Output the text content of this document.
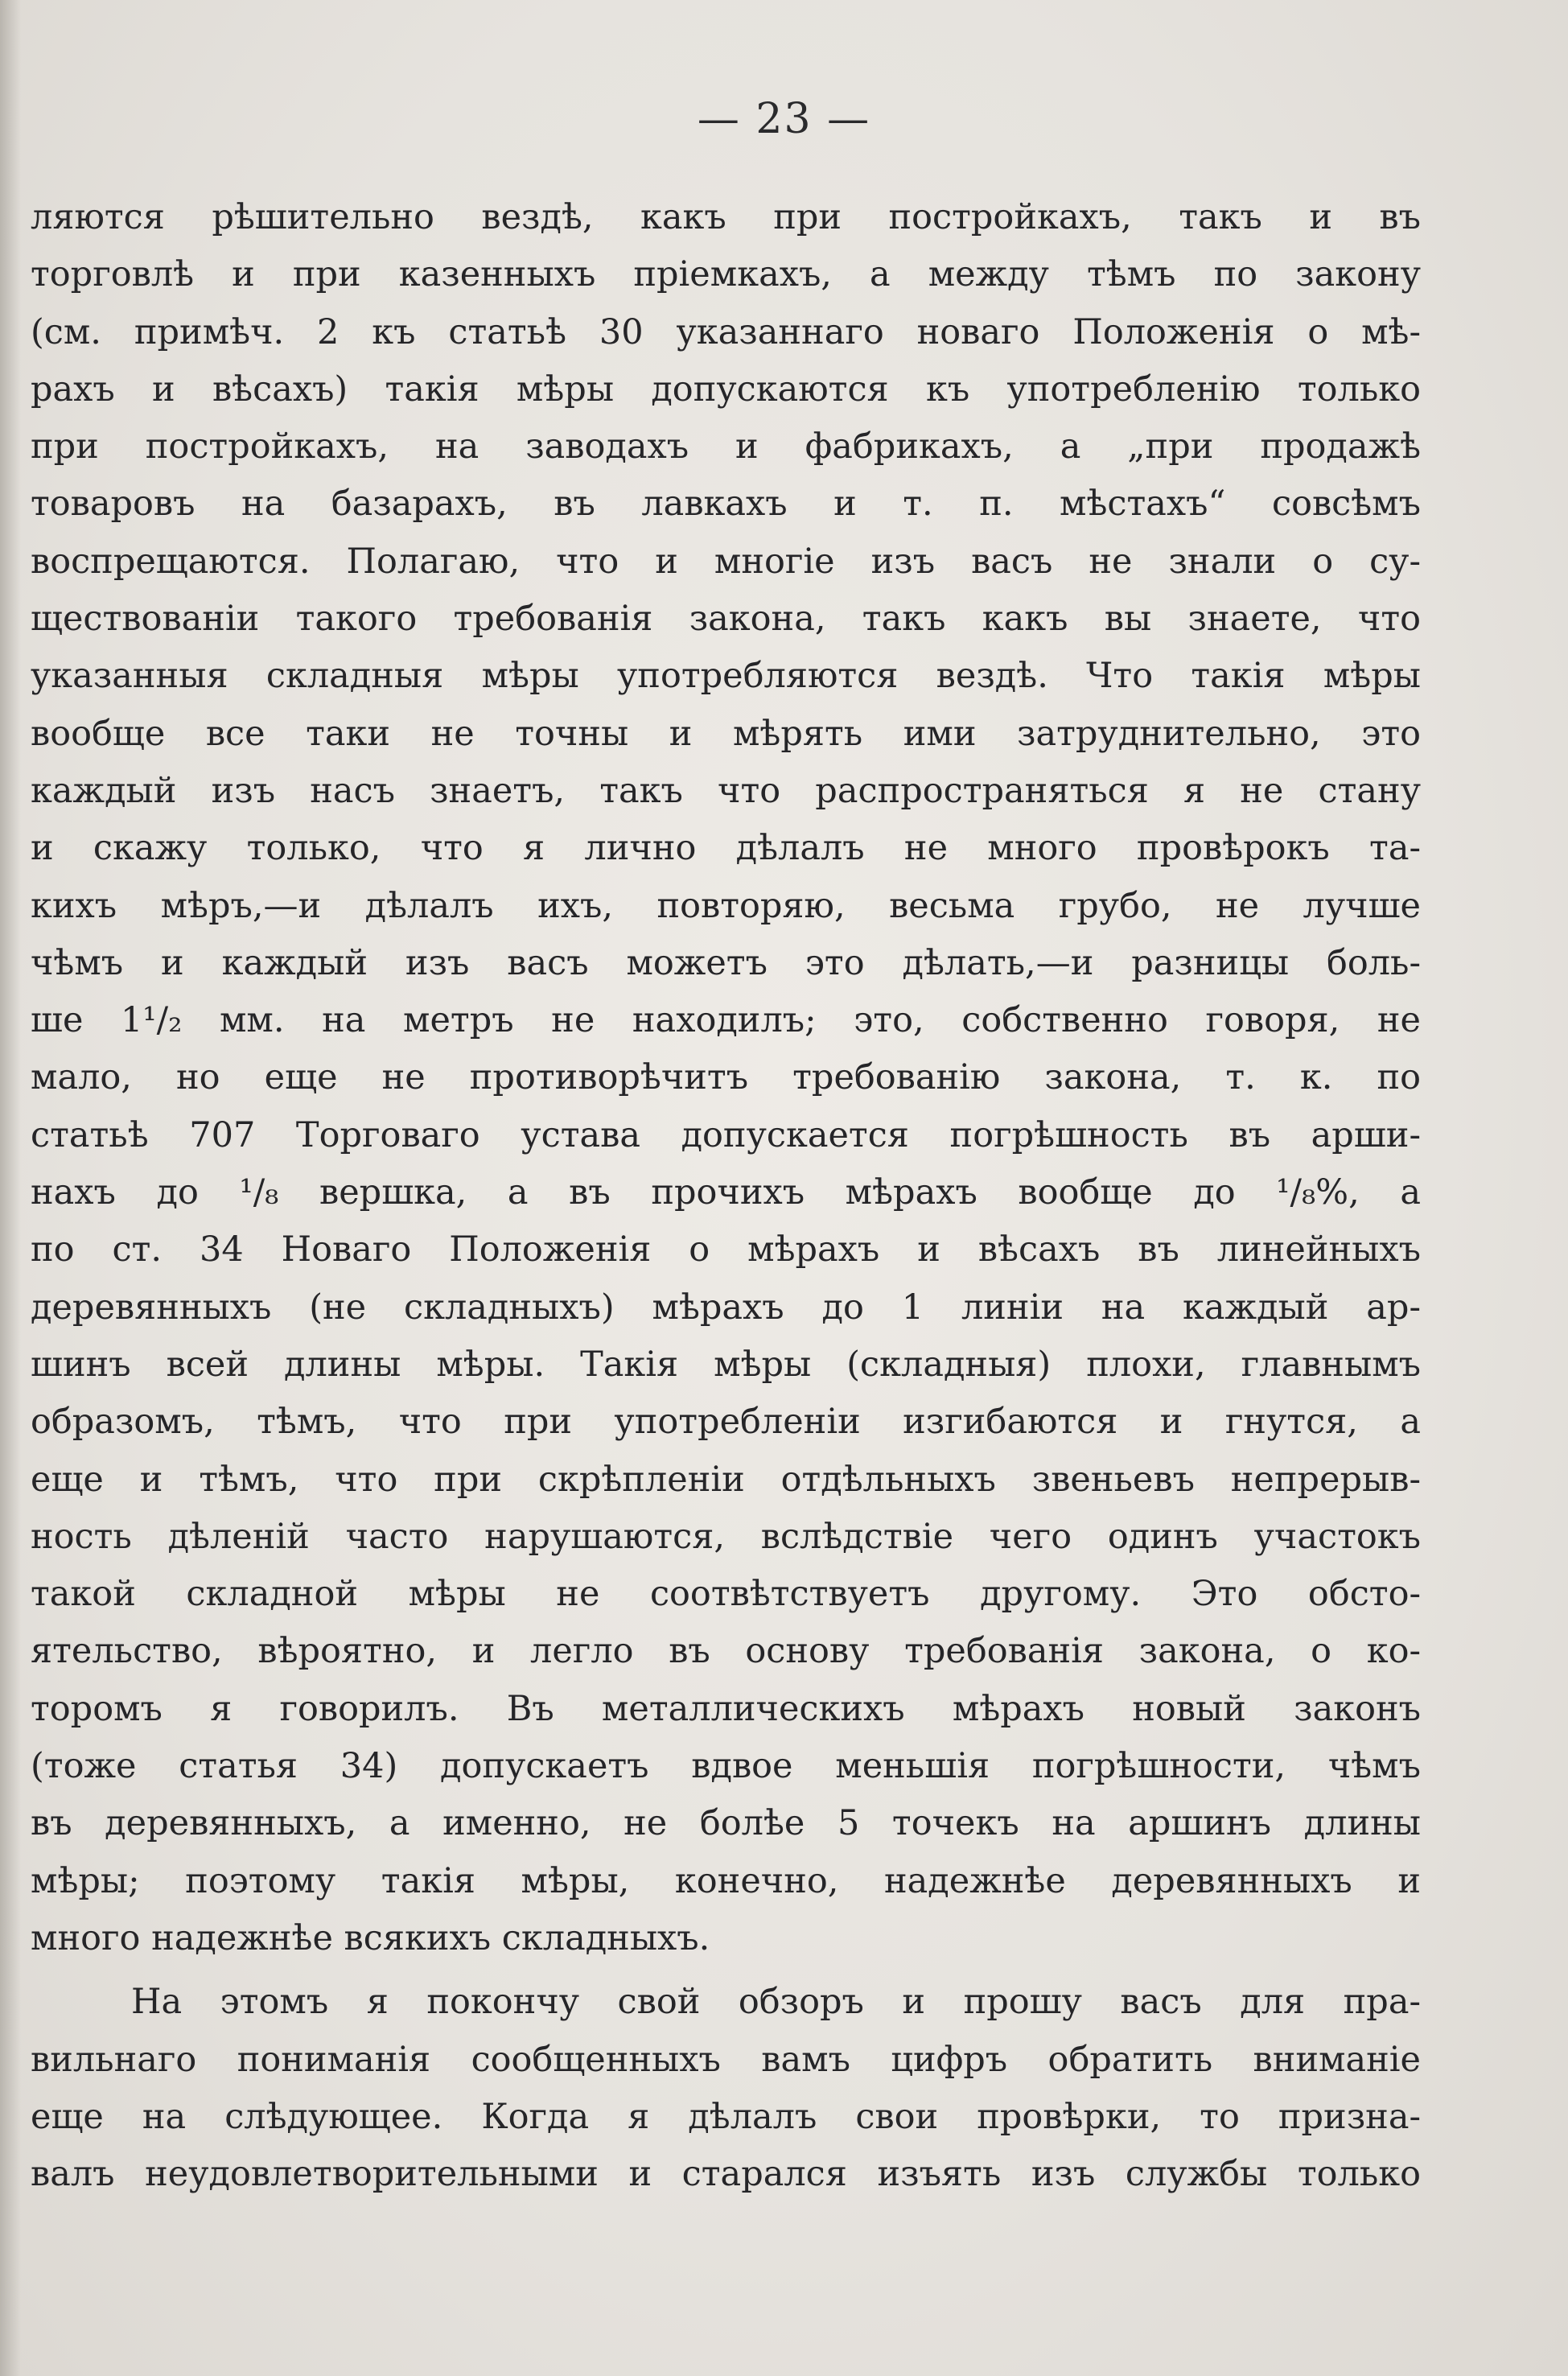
— 23 —
ляются рѣшительно вездѣ, какъ при постройкахъ, такъ и въ
торговлѣ и при казенныхъ пріемкахъ, а между тѣмъ по закону
(см. примѣч. 2 къ статьѣ 30 указаннаго новаго Положенія о мѣ-
рахъ и вѣсахъ) такія мѣры допускаются къ употребленію только
при постройкахъ, на заводахъ и фабрикахъ, а „при продажѣ
товаровъ на базарахъ, въ лавкахъ и т. п. мѣстахъ“ совсѣмъ
воспрещаются. Полагаю, что и многіе изъ васъ не знали о су-
ществованіи такого требованія закона, такъ какъ вы знаете, что
указанныя складныя мѣры употребляются вездѣ. Что такія мѣры
вообще все таки не точны и мѣрять ими затруднительно, это
каждый изъ насъ знаетъ, такъ что распространяться я не стану
и скажу только, что я лично дѣлалъ не много провѣрокъ та-
кихъ мѣръ,—и дѣлалъ ихъ, повторяю, весьма грубо, не лучше
чѣмъ и каждый изъ васъ можетъ это дѣлать,—и разницы боль-
ше 1¹/₂ мм. на метръ не находилъ; это, собственно говоря, не
мало, но еще не противорѣчитъ требованію закона, т. к. по
статьѣ 707 Торговаго устава допускается погрѣшность въ арши-
нахъ до ¹/₈ вершка, а въ прочихъ мѣрахъ вообще до ¹/₈%, а
по ст. 34 Новаго Положенія о мѣрахъ и вѣсахъ въ линейныхъ
деревянныхъ (не складныхъ) мѣрахъ до 1 линіи на каждый ар-
шинъ всей длины мѣры. Такія мѣры (складныя) плохи, главнымъ
образомъ, тѣмъ, что при употребленіи изгибаются и гнутся, а
еще и тѣмъ, что при скрѣпленіи отдѣльныхъ звеньевъ непрерыв-
ность дѣленій часто нарушаются, вслѣдствіе чего одинъ участокъ
такой складной мѣры не соотвѣтствуетъ другому. Это обсто-
ятельство, вѣроятно, и легло въ основу требованія закона, о ко-
торомъ я говорилъ. Въ металлическихъ мѣрахъ новый законъ
(тоже статья 34) допускаетъ вдвое меньшія погрѣшности, чѣмъ
въ деревянныхъ, а именно, не болѣе 5 точекъ на аршинъ длины
мѣры; поэтому такія мѣры, конечно, надежнѣе деревянныхъ и
много надежнѣе всякихъ складныхъ.
На этомъ я покончу свой обзоръ и прошу васъ для пра-
вильнаго пониманія сообщенныхъ вамъ цифръ обратить вниманіе
еще на слѣдующее. Когда я дѣлалъ свои провѣрки, то призна-
валъ неудовлетворительными и старался изъять изъ службы только
